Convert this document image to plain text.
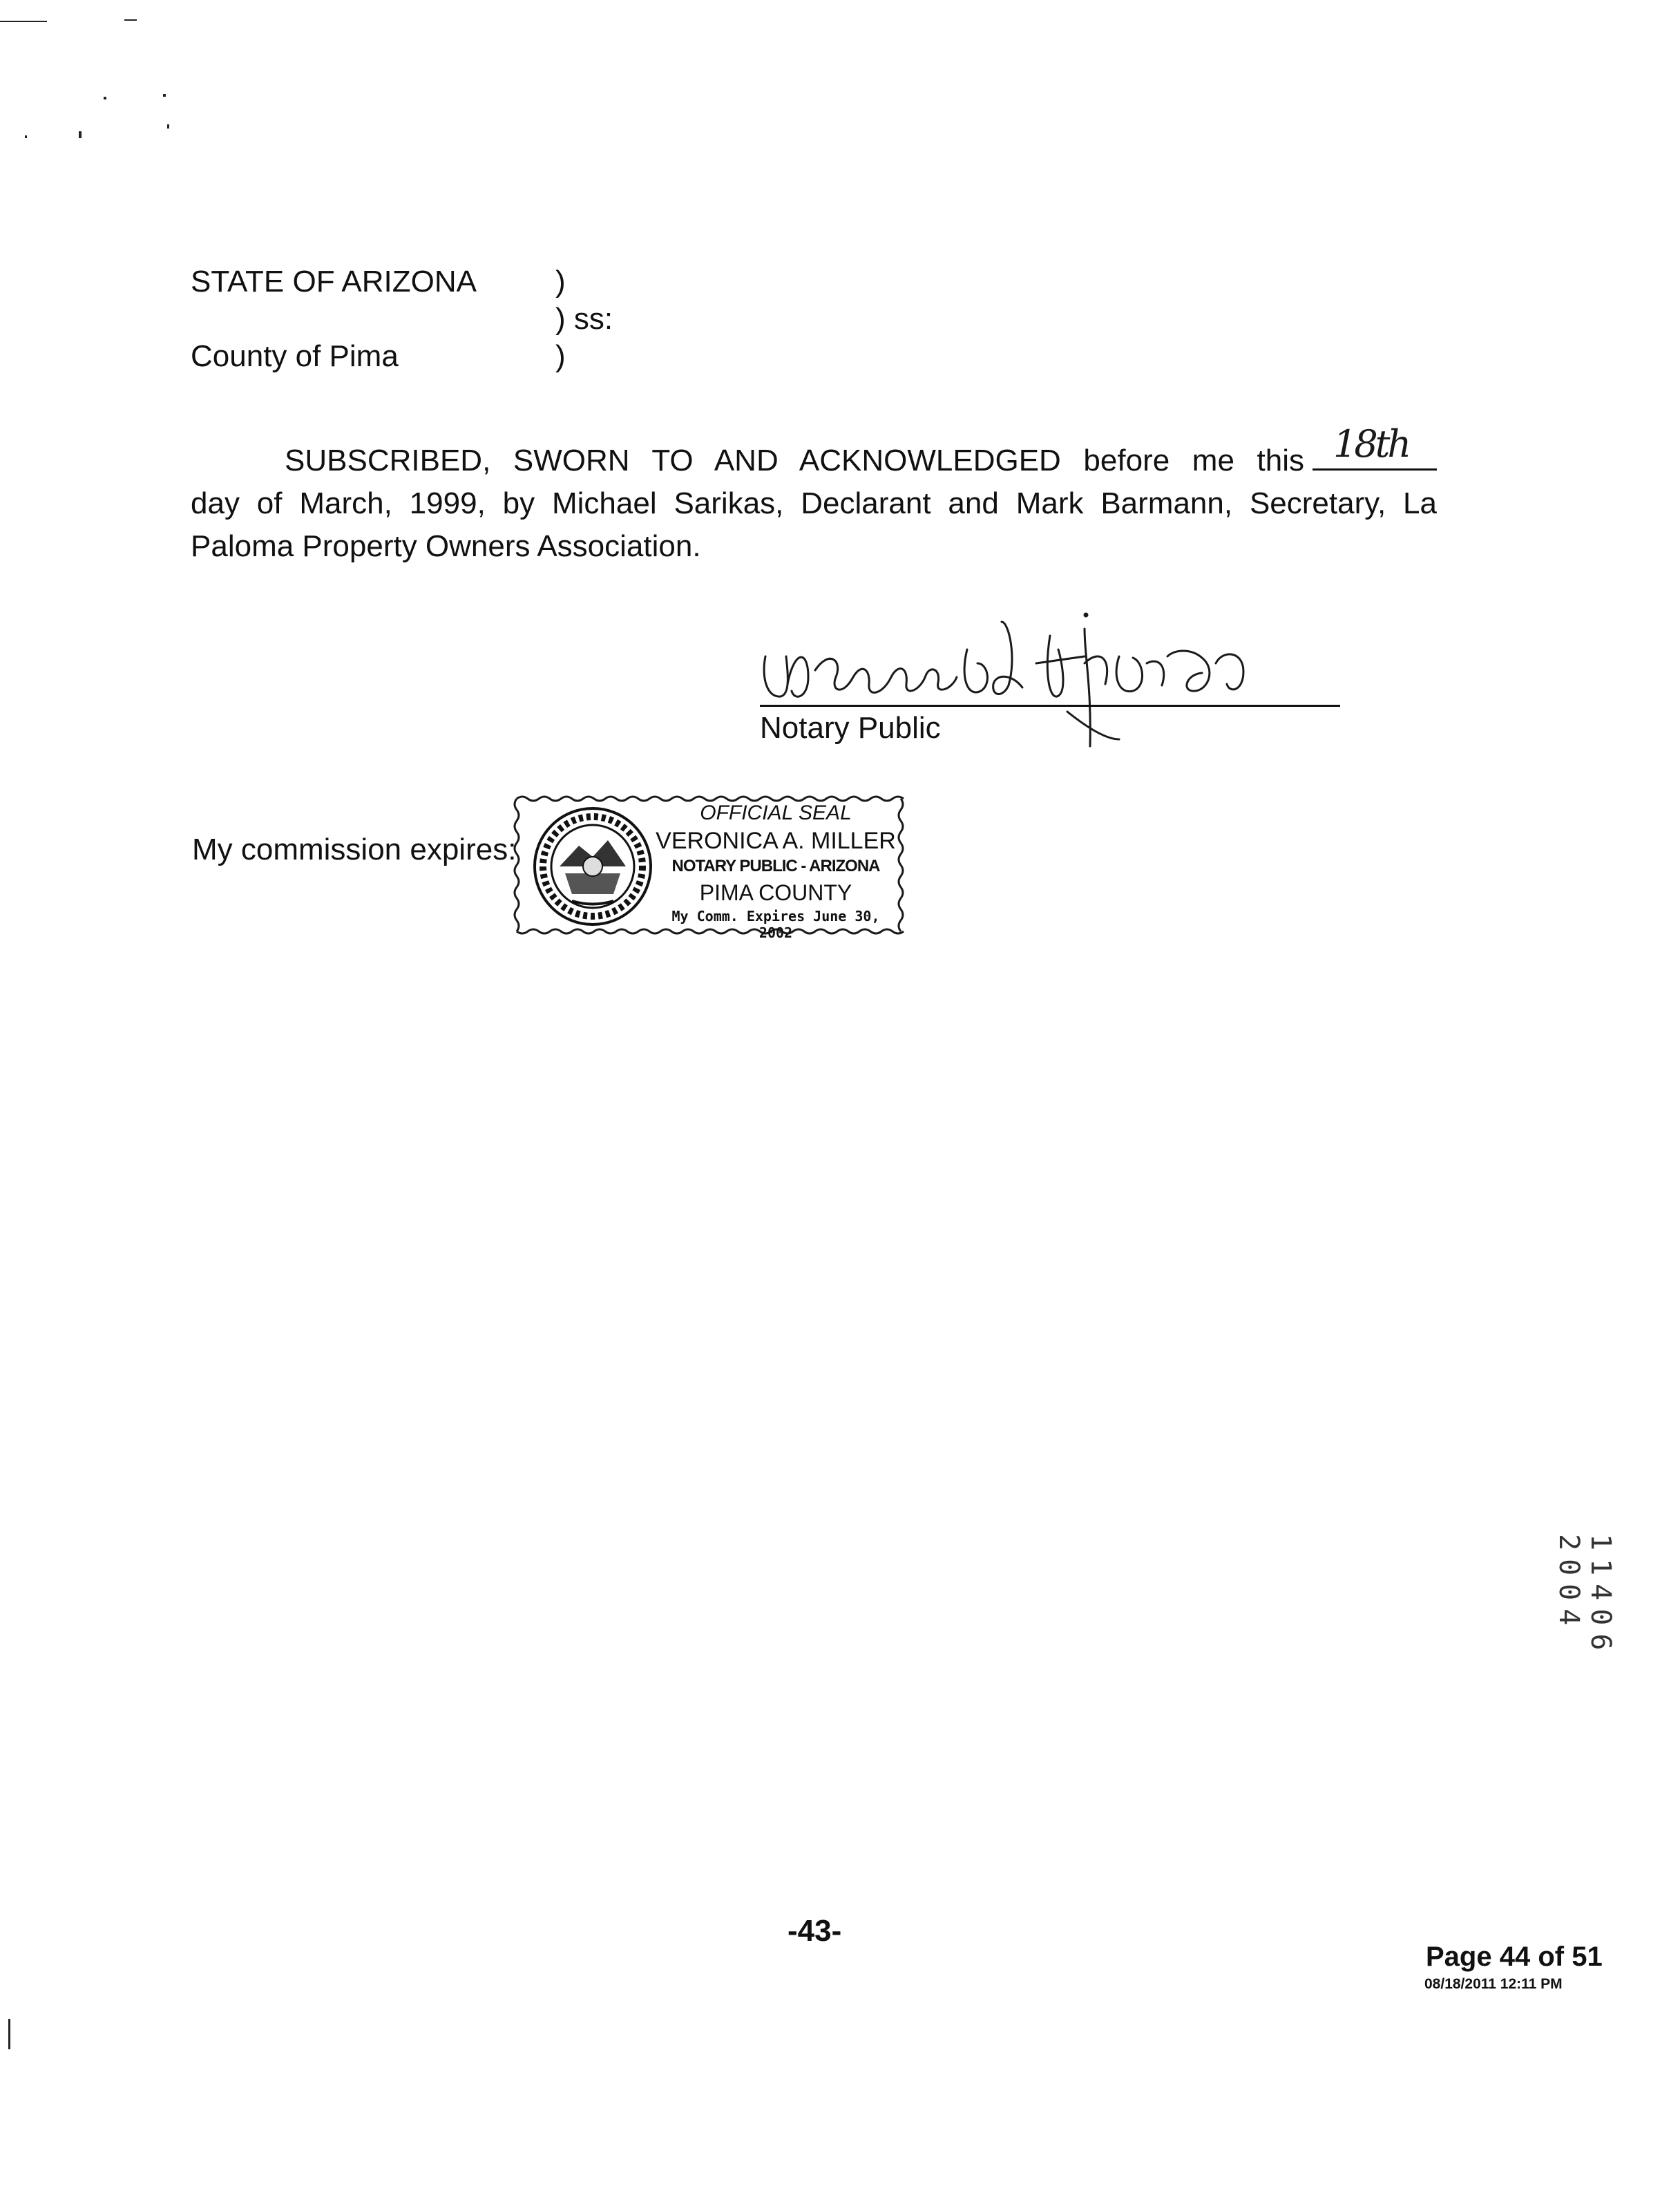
STATE OF ARIZONA	)
) ss:
County of Pima	)
SUBSCRIBED, SWORN TO AND ACKNOWLEDGED before me this 18th
day of March, 1999, by Michael Sarikas, Declarant and Mark Barmann, Secretary, La
Paloma Property Owners Association.
Notary Public
My commission expires:
OFFICIAL SEAL
VERONICA A. MILLER
NOTARY PUBLIC - ARIZONA
PIMA COUNTY
My Comm. Expires June 30, 2002
11406 2004
-43-
Page 44 of 51
08/18/2011 12:11 PM
